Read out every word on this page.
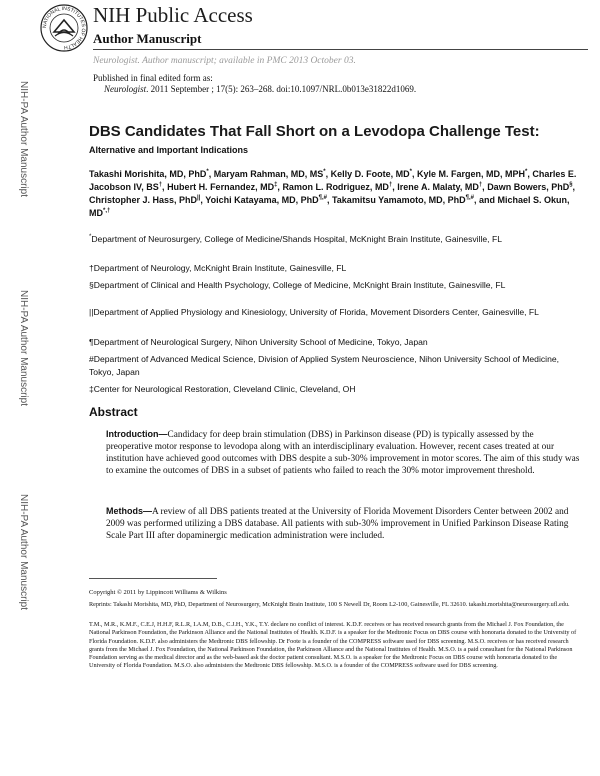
NATIONAL INSTITUTES OF HEALTH
NIH Public Access
Author Manuscript
Neurologist. Author manuscript; available in PMC 2013 October 03.
Published in final edited form as:
Neurologist. 2011 September ; 17(5): 263–268. doi:10.1097/NRL.0b013e31822d1069.
NIH-PA Author Manuscript
NIH-PA Author Manuscript
NIH-PA Author Manuscript
DBS Candidates That Fall Short on a Levodopa Challenge Test:
Alternative and Important Indications
Takashi Morishita, MD, PhD*, Maryam Rahman, MD, MS*, Kelly D. Foote, MD*, Kyle M. Fargen, MD, MPH*, Charles E. Jacobson IV, BS†, Hubert H. Fernandez, MD‡, Ramon L. Rodriguez, MD†, Irene A. Malaty, MD†, Dawn Bowers, PhD§, Christopher J. Hass, PhD||, Yoichi Katayama, MD, PhD¶,#, Takamitsu Yamamoto, MD, PhD¶,#, and Michael S. Okun, MD*,†
*Department of Neurosurgery, College of Medicine/Shands Hospital, McKnight Brain Institute, Gainesville, FL
†Department of Neurology, McKnight Brain Institute, Gainesville, FL
§Department of Clinical and Health Psychology, College of Medicine, McKnight Brain Institute, Gainesville, FL
||Department of Applied Physiology and Kinesiology, University of Florida, Movement Disorders Center, Gainesville, FL
¶Department of Neurological Surgery, Nihon University School of Medicine, Tokyo, Japan
#Department of Advanced Medical Science, Division of Applied System Neuroscience, Nihon University School of Medicine, Tokyo, Japan
‡Center for Neurological Restoration, Cleveland Clinic, Cleveland, OH
Abstract
Introduction—Candidacy for deep brain stimulation (DBS) in Parkinson disease (PD) is typically assessed by the preoperative motor response to levodopa along with an interdisciplinary evaluation. However, recent cases treated at our institution have achieved good outcomes with DBS despite a sub-30% improvement in motor scores. The aim of this study was to examine the outcomes of DBS in a subset of patients who failed to reach the 30% motor improvement threshold.
Methods—A review of all DBS patients treated at the University of Florida Movement Disorders Center between 2002 and 2009 was performed utilizing a DBS database. All patients with sub-30% improvement in Unified Parkinson Disease Rating Scale Part III after dopaminergic medication administration were included.
Copyright © 2011 by Lippincott Williams & Wilkins
Reprints: Takashi Morishita, MD, PhD, Department of Neurosurgery, McKnight Brain Institute, 100 S Newell Dr, Room L2-100, Gainesville, FL 32610. takashi.morishita@neurosurgery.ufl.edu.
T.M., M.R., K.M.F., C.E.J, H.H.F, R.L.R, I.A.M, D.B., C.J.H., Y.K., T.Y. declare no conflict of interest. K.D.F. receives or has received research grants from the Michael J. Fox Foundation, the National Parkinson Foundation, the Parkinson Alliance and the National Institutes of Health. K.D.F. is a speaker for the Medtronic Focus on DBS course with honoraria donated to the University of Florida Foundation. K.D.F. also administers the Medtronic DBS fellowship. Dr Foote is a founder of the COMPRESS software used for DBS screening. M.S.O. receives or has received research grants from the Michael J. Fox Foundation, the National Parkinson Foundation, the Parkinson Alliance and the National Institutes of Health. M.S.O. is a paid consultant for the National Parkinson Foundation serving as the medical director and as the web-based ask the doctor patient consultant. M.S.O. is a speaker for the Medtronic Focus on DBS course with honoraria donated to the University of Florida Foundation. M.S.O. also administers the Medtronic DBS fellowship. M.S.O. is a founder of the COMPRESS software used for DBS screening.
